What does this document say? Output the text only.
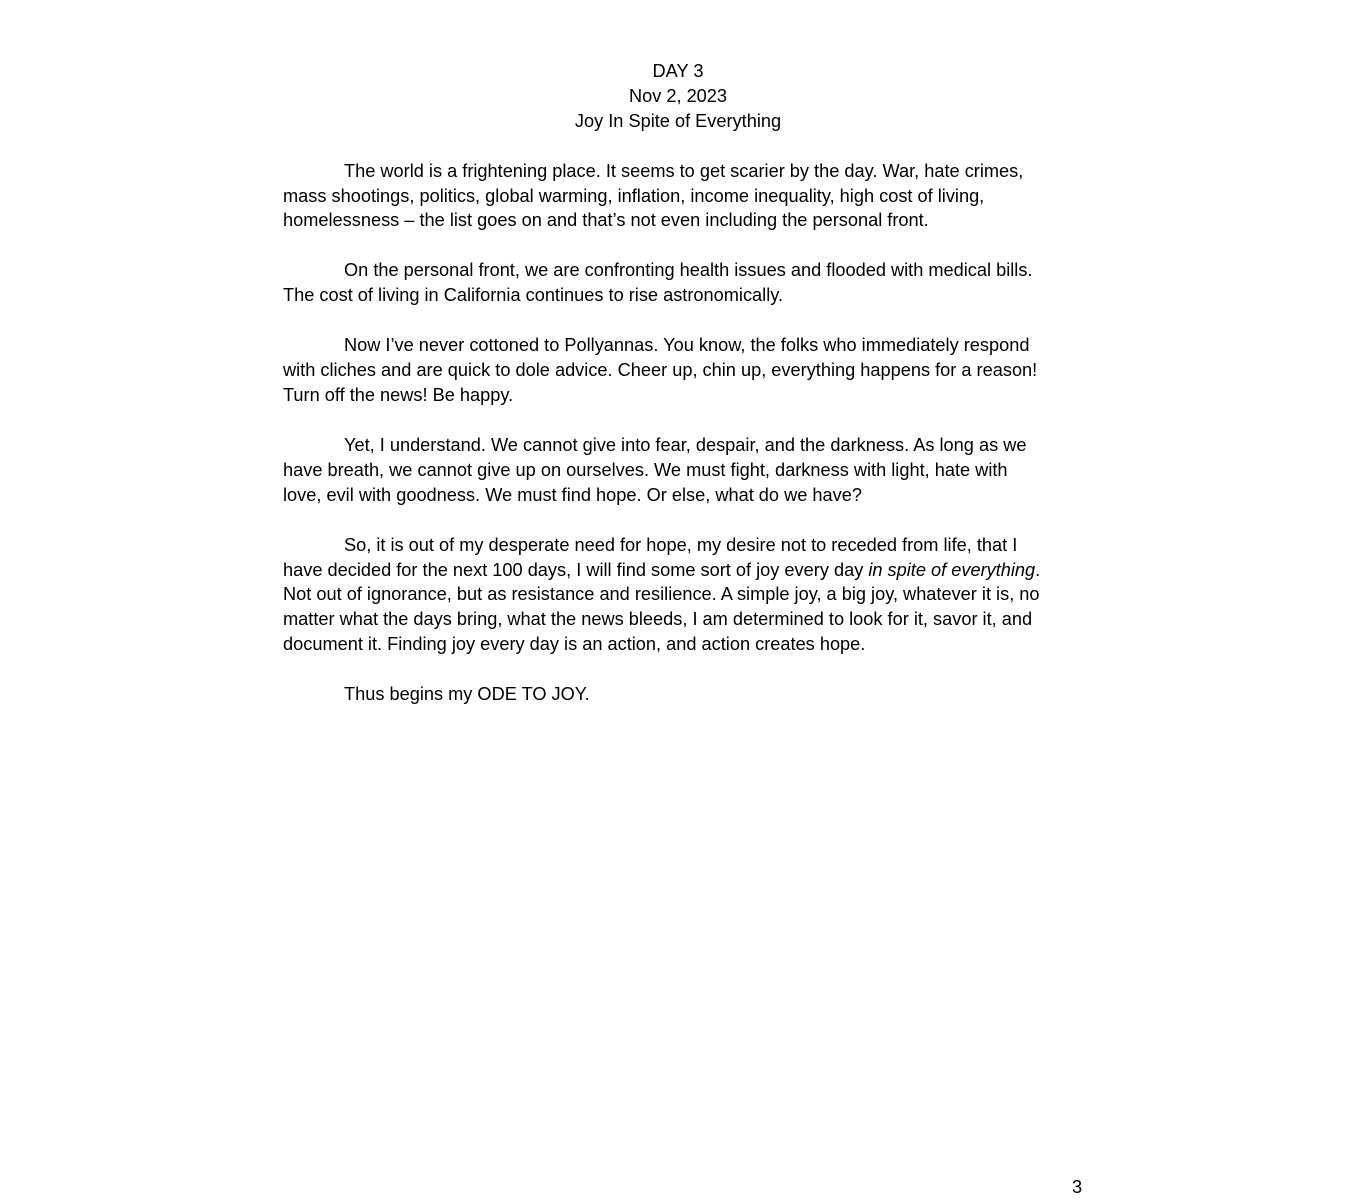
DAY 3
Nov 2, 2023
Joy In Spite of Everything
The world is a frightening place. It seems to get scarier by the day. War, hate crimes,
mass shootings, politics, global warming, inflation, income inequality, high cost of living,
homelessness – the list goes on and that’s not even including the personal front.
On the personal front, we are confronting health issues and flooded with medical bills.
The cost of living in California continues to rise astronomically.
Now I’ve never cottoned to Pollyannas. You know, the folks who immediately respond
with cliches and are quick to dole advice. Cheer up, chin up, everything happens for a reason!
Turn off the news! Be happy.
Yet, I understand. We cannot give into fear, despair, and the darkness. As long as we
have breath, we cannot give up on ourselves. We must fight, darkness with light, hate with
love, evil with goodness. We must find hope. Or else, what do we have?
So, it is out of my desperate need for hope, my desire not to receded from life, that I
have decided for the next 100 days, I will find some sort of joy every day in spite of everything.
Not out of ignorance, but as resistance and resilience. A simple joy, a big joy, whatever it is, no
matter what the days bring, what the news bleeds, I am determined to look for it, savor it, and
document it. Finding joy every day is an action, and action creates hope.
Thus begins my ODE TO JOY.
3
